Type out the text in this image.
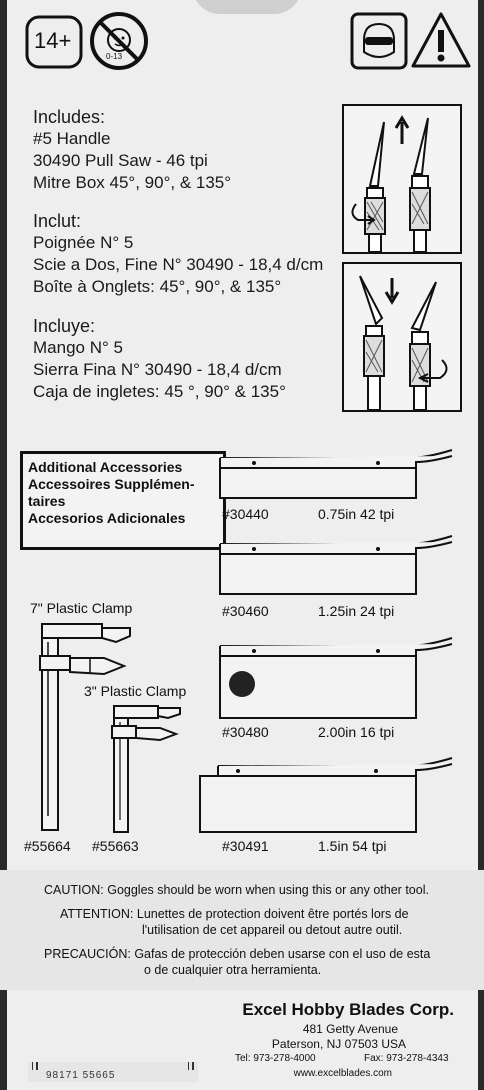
14+
0-13
Includes:
#5 Handle
30490 Pull Saw - 46 tpi
Mitre Box 45°, 90°, & 135°
Inclut:
Poignée N° 5
Scie a Dos, Fine N° 30490 - 18,4 d/cm
Boîte à Onglets: 45°, 90°, & 135°
Incluye:
Mango N° 5
Sierra Fina N° 30490 - 18,4 d/cm
Caja de ingletes: 45 °, 90° & 135°
Additional Accessories
Accessoires Supplémen-
taires
Accesorios Adicionales	#30440	0.75in 42 tpi
#30460	1.25in 24 tpi
#30480	2.00in 16 tpi
#30491	1.5in 54 tpi
7" Plastic Clamp
3" Plastic Clamp
#55664 #55663
CAUTION: Goggles should be worn when using this or any other tool.
ATTENTION: Lunettes de protection doivent être portés lors de
l'utilisation de cet appareil ou detout autre outil.
PRECAUCIÓN: Gafas de protección deben usarse con el uso de esta
o de cualquier otra herramienta.
Excel Hobby Blades Corp.
481 Getty Avenue
Paterson, NJ 07503 USA
Tel: 973-278-4000	Fax: 973-278-4343
www.excelblades.com
98171 55665
